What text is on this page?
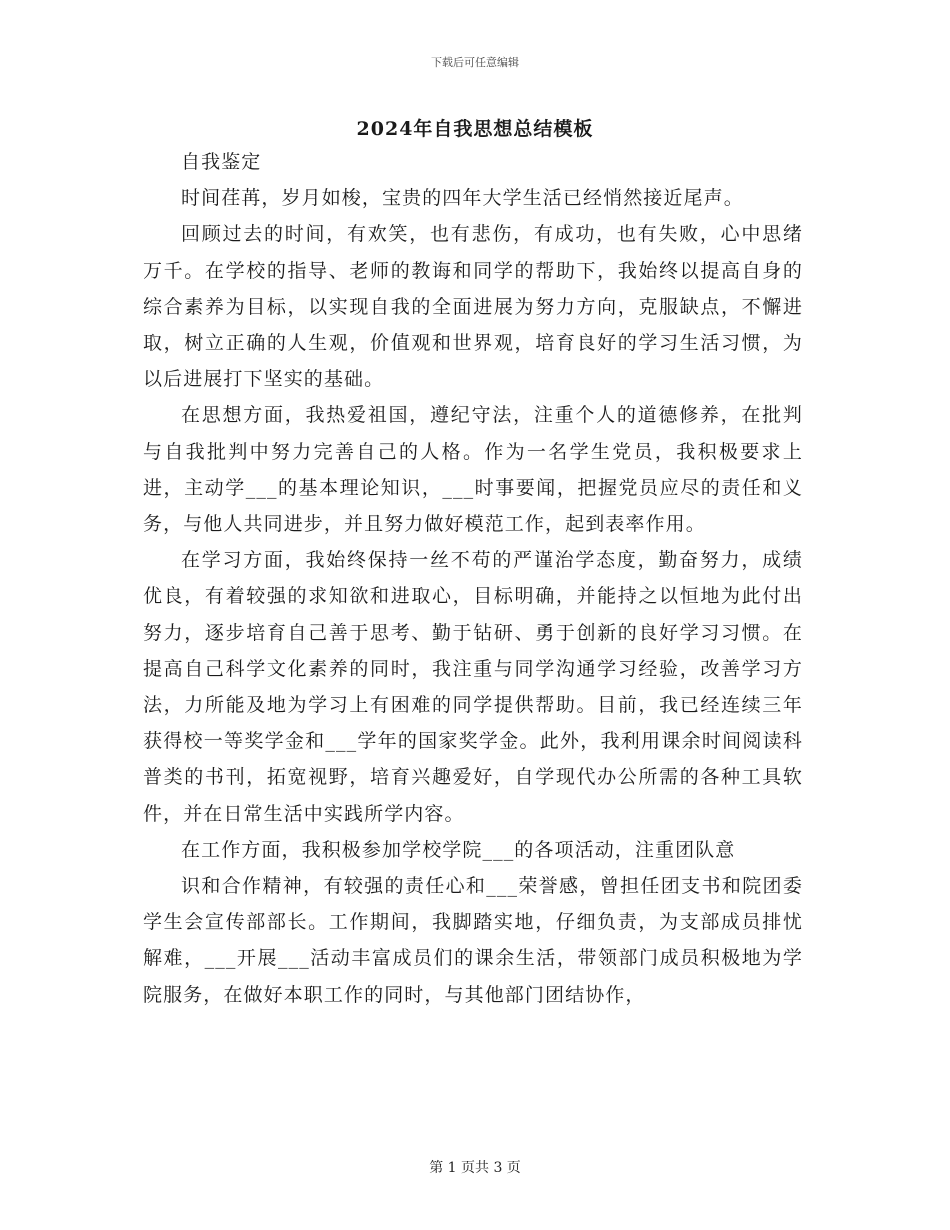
下载后可任意编辑
2024年自我思想总结模板

自我鉴定

时间荏苒，岁月如梭，宝贵的四年大学生活已经悄然接近尾声。

回顾过去的时间，有欢笑，也有悲伤，有成功，也有失败，心中思绪万千。在学校的指导、老师的教诲和同学的帮助下，我始终以提高自身的综合素养为目标，以实现自我的全面进展为努力方向，克服缺点，不懈进取，树立正确的人生观，价值观和世界观，培育良好的学习生活习惯，为以后进展打下坚实的基础。

在思想方面，我热爱祖国，遵纪守法，注重个人的道德修养，在批判与自我批判中努力完善自己的人格。作为一名学生党员，我积极要求上进，主动学___的基本理论知识，___时事要闻，把握党员应尽的责任和义务，与他人共同进步，并且努力做好模范工作，起到表率作用。

在学习方面，我始终保持一丝不苟的严谨治学态度，勤奋努力，成绩优良，有着较强的求知欲和进取心，目标明确，并能持之以恒地为此付出努力，逐步培育自己善于思考、勤于钻研、勇于创新的良好学习习惯。在提高自己科学文化素养的同时，我注重与同学沟通学习经验，改善学习方法，力所能及地为学习上有困难的同学提供帮助。目前，我已经连续三年获得校一等奖学金和___学年的国家奖学金。此外，我利用课余时间阅读科普类的书刊，拓宽视野，培育兴趣爱好，自学现代办公所需的各种工具软件，并在日常生活中实践所学内容。

在工作方面，我积极参加学校学院___的各项活动，注重团队意

识和合作精神，有较强的责任心和___荣誉感，曾担任团支书和院团委学生会宣传部部长。工作期间，我脚踏实地，仔细负责，为支部成员排忧解难，___开展___活动丰富成员们的课余生活，带领部门成员积极地为学院服务，在做好本职工作的同时，与其他部门团结协作，

第 1 页共 3 页
